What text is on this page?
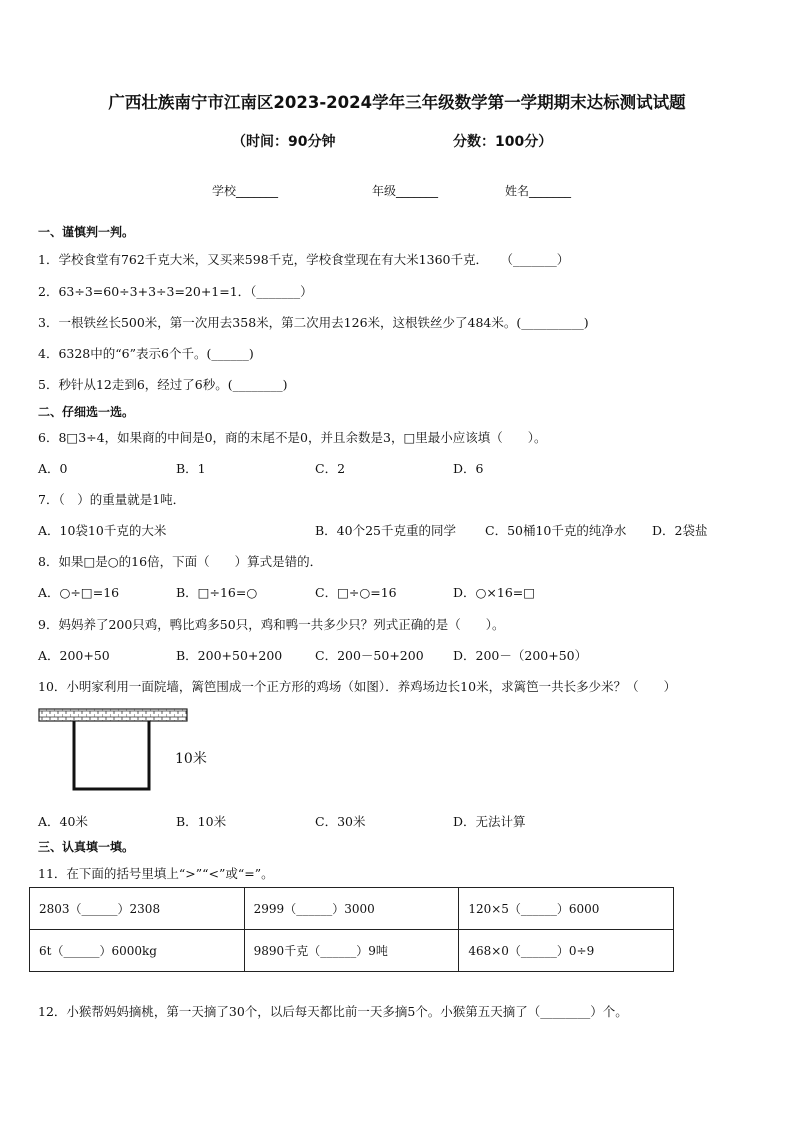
广西壮族南宁市江南区2023-2024学年三年级数学第一学期期末达标测试试题
（时间：90分钟	分数：100分）
学校_______	年级_______	姓名_______
一、谨慎判一判。
1．学校食堂有762千克大米，又买来598千克，学校食堂现在有大米1360千克．　　（_______）
2．63÷3=60÷3+3÷3=20+1=1．（_______）
3．一根铁丝长500米，第一次用去358米，第二次用去126米，这根铁丝少了484米。(__________)
4．6328中的“6”表示6个千。(______)
5．秒针从12走到6，经过了6秒。(________)
二、仔细选一选。
6．8□3÷4，如果商的中间是0，商的末尾不是0，并且余数是3，□里最小应该填（　　）。
A．0	B．1	C．2	D．6
7．（　）的重量就是1吨．
A．10袋10千克的大米	B．40个25千克重的同学 C．50桶10千克的纯净水 D．2袋盐
8．如果□是○的16倍，下面（　　）算式是错的．
A．○÷□=16	B．□÷16=○	C．□÷○=16	D．○×16=□
9．妈妈养了200只鸡，鸭比鸡多50只，鸡和鸭一共多少只？列式正确的是（　　）。
A．200+50	B．200+50+200	C．200－50+200 D．200－（200+50）
10．小明家利用一面院墙，篱笆围成一个正方形的鸡场（如图）．养鸡场边长10米，求篱笆一共长多少米？（　　）
10米
A．40米	B．10米	C．30米	D．无法计算
三、认真填一填。
11．在下面的括号里填上“>”“<”或“=”。
2803（______）2308	2999（______）3000	120×5（______）6000
6t（______）6000kg	9890千克（______）9吨	468×0（______）0÷9
12．小猴帮妈妈摘桃，第一天摘了30个，以后每天都比前一天多摘5个。小猴第五天摘了（________）个。
